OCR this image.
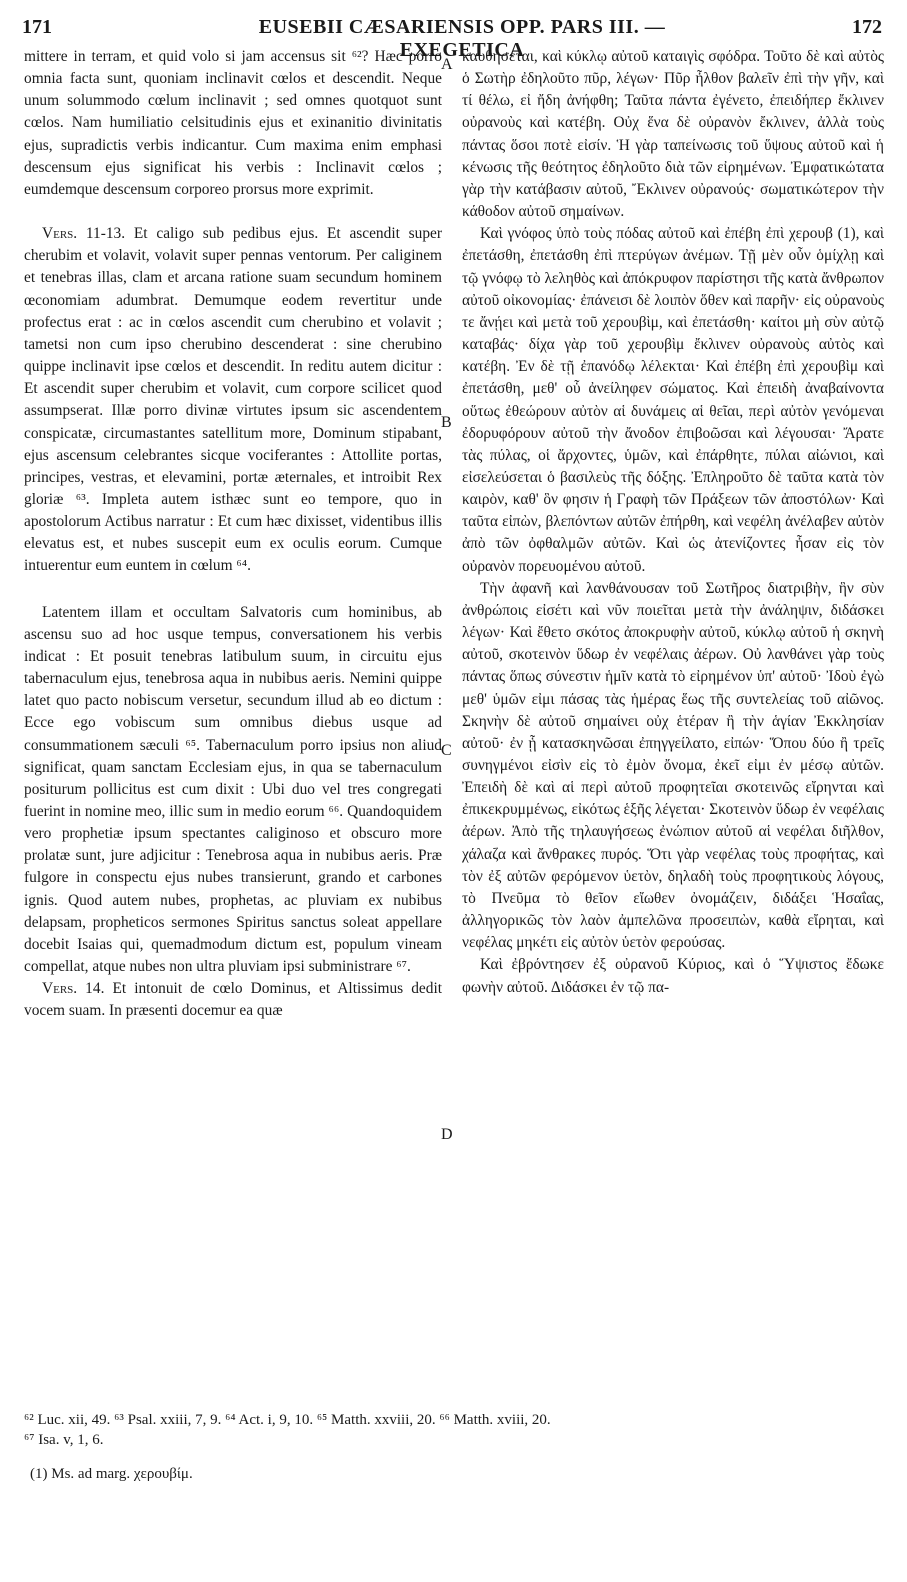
171	EUSEBII CÆSARIENSIS OPP. PARS III. — EXEGETICA
172

mittere in terram, et quid volo si jam accensus sit ⁶²? Hæc porro omnia facta sunt, quoniam inclinavit cœlos et descendit. Neque unum solummodo cœlum inclinavit ; sed omnes quotquot sunt cœlos. Nam humiliatio celsitudinis ejus et exinanitio divinitatis ejus, supradictis verbis indicantur. Cum maxima enim emphasi descensum ejus significat his verbis : Inclinavit cœlos ; eumdemque descensum corporeo prorsus more exprimit.

Vers. 11-13. Et caligo sub pedibus ejus. Et ascendit super cherubim et volavit, volavit super pennas ventorum. Per caliginem et tenebras illas, clam et arcana ratione suam secundum hominem œconomiam adumbrat. Demumque eodem revertitur unde profectus erat : ac in cœlos ascendit cum cherubino et volavit ; tametsi non cum ipso cherubino descenderat : sine cherubino quippe inclinavit ipse cœlos et descendit. In reditu autem dicitur : Et ascendit super cherubim et volavit, cum corpore scilicet quod assumpserat. Illæ porro divinæ virtutes ipsum sic ascendentem conspicatæ, circumastantes satellitum more, Dominum stipabant, ejus ascensum celebrantes sicque vociferantes : Attollite portas, principes, vestras, et elevamini, portæ æternales, et introibit Rex gloriæ ⁶³. Impleta autem isthæc sunt eo tempore, quo in apostolorum Actibus narratur : Et cum hæc dixisset, videntibus illis elevatus est, et nubes suscepit eum ex oculis eorum. Cumque intuerentur eum euntem in cœlum ⁶⁴.

Latentem illam et occultam Salvatoris cum hominibus, ab ascensu suo ad hoc usque tempus, conversationem his verbis indicat : Et posuit tenebras latibulum suum, in circuitu ejus tabernaculum ejus, tenebrosa aqua in nubibus aeris. Nemini quippe latet quo pacto nobiscum versetur, secundum illud ab eo dictum : Ecce ego vobiscum sum omnibus diebus usque ad consummationem sæculi ⁶⁵. Tabernaculum porro ipsius non aliud significat, quam sanctam Ecclesiam ejus, in qua se tabernaculum positurum pollicitus est cum dixit : Ubi duo vel tres congregati fuerint in nomine meo, illic sum in medio eorum ⁶⁶. Quandoquidem vero prophetiæ ipsum spectantes caliginoso et obscuro more prolatæ sunt, jure adjicitur : Tenebrosa aqua in nubibus aeris. Præ fulgore in conspectu ejus nubes transierunt, grando et carbones ignis. Quod autem nubes, prophetas, ac pluviam ex nubibus delapsam, propheticos sermones Spiritus sanctus soleat appellare docebit Isaias qui, quemadmodum dictum est, populum vineam compellat, atque nubes non ultra pluviam ipsi subministrare ⁶⁷.

Vers. 14. Et intonuit de cœlo Dominus, et Altissimus dedit vocem suam. In præsenti docemur ea quæ

A
B
C
D

καυθήσεται, καὶ κύκλῳ αὐτοῦ καταιγὶς σφόδρα. Τοῦτο δὲ καὶ αὐτὸς ὁ Σωτὴρ ἐδηλοῦτο πῦρ, λέγων· Πῦρ ἦλθον βαλεῖν ἐπὶ τὴν γῆν, καὶ τί θέλω, εἰ ἤδη ἀνήφθη; Ταῦτα πάντα ἐγένετο, ἐπειδήπερ ἔκλινεν οὐρανοὺς καὶ κατέβη. Οὐχ ἕνα δὲ οὐρανὸν ἔκλινεν, ἀλλὰ τοὺς πάντας ὅσοι ποτὲ εἰσίν. Ἡ γὰρ ταπείνωσις τοῦ ὕψους αὐτοῦ καὶ ἡ κένωσις τῆς θεότητος ἐδηλοῦτο διὰ τῶν εἰρημένων. Ἐμφατικώτατα γὰρ τὴν κατάβασιν αὐτοῦ, Ἔκλινεν οὐρανούς· σωματικώτερον τὴν κάθοδον αὐτοῦ σημαίνων.

Καὶ γνόφος ὑπὸ τοὺς πόδας αὐτοῦ καὶ ἐπέβη ἐπὶ χερουβ (1), καὶ ἐπετάσθη, ἐπετάσθη ἐπὶ πτερύγων ἀνέμων. Τῇ μὲν οὖν ὁμίχλῃ καὶ τῷ γνόφῳ τὸ λεληθὸς καὶ ἀπόκρυφον παρίστησι τῆς κατὰ ἄνθρωπον αὐτοῦ οἰκονομίας· ἐπάνεισι δὲ λοιπὸν ὅθεν καὶ παρῆν· εἰς οὐρανοὺς τε ἄνῄει καὶ μετὰ τοῦ χερουβὶμ, καὶ ἐπετάσθη· καίτοι μὴ σὺν αὐτῷ καταβάς· δίχα γὰρ τοῦ χερουβὶμ ἔκλινεν οὐρανοὺς αὐτὸς καὶ κατέβη. Ἐν δὲ τῇ ἐπανόδῳ λέλεκται· Καὶ ἐπέβη ἐπὶ χερουβὶμ καὶ ἐπετάσθη, μεθ' οὗ ἀνείληφεν σώματος. Καὶ ἐπειδὴ ἀναβαίνοντα οὕτως ἐθεώρουν αὐτὸν αἱ δυνάμεις αἱ θεῖαι, περὶ αὐτὸν γενόμεναι ἐδορυφόρουν αὐτοῦ τὴν ἄνοδον ἐπιβοῶσαι καὶ λέγουσαι· Ἄρατε τὰς πύλας, οἱ ἄρχοντες, ὑμῶν, καὶ ἐπάρθητε, πύλαι αἰώνιοι, καὶ εἰσελεύσεται ὁ βασιλεὺς τῆς δόξης. Ἐπληροῦτο δὲ ταῦτα κατὰ τὸν καιρὸν, καθ' ὃν φησιν ἡ Γραφὴ τῶν Πράξεων τῶν ἀποστόλων· Καὶ ταῦτα εἰπὼν, βλεπόντων αὐτῶν ἐπήρθη, καὶ νεφέλη ἀνέλαβεν αὐτὸν ἀπὸ τῶν ὀφθαλμῶν αὐτῶν. Καὶ ὡς ἀτενίζοντες ἦσαν εἰς τὸν οὐρανὸν πορευομένου αὐτοῦ.

Τὴν ἀφανῆ καὶ λανθάνουσαν τοῦ Σωτῆρος διατριβὴν, ἣν σὺν ἀνθρώποις εἰσέτι καὶ νῦν ποιεῖται μετὰ τὴν ἀνάληψιν, διδάσκει λέγων· Καὶ ἔθετο σκότος ἀποκρυφὴν αὐτοῦ, κύκλῳ αὐτοῦ ἡ σκηνὴ αὐτοῦ, σκοτεινὸν ὕδωρ ἐν νεφέλαις ἀέρων. Οὐ λανθάνει γὰρ τοὺς πάντας ὅπως σύνεστιν ἡμῖν κατὰ τὸ εἰρημένον ὑπ' αὐτοῦ· Ἰδοὺ ἐγὼ μεθ' ὑμῶν εἰμι πάσας τὰς ἡμέρας ἕως τῆς συντελείας τοῦ αἰῶνος. Σκηνὴν δὲ αὐτοῦ σημαίνει οὐχ ἑτέραν ἢ τὴν ἁγίαν Ἐκκλησίαν αὐτοῦ· ἐν ᾗ κατασκηνῶσαι ἐπηγγείλατο, εἰπών· Ὅπου δύο ἢ τρεῖς συνηγμένοι εἰσὶν εἰς τὸ ἐμὸν ὄνομα, ἐκεῖ εἰμι ἐν μέσῳ αὐτῶν. Ἐπειδὴ δὲ καὶ αἱ περὶ αὐτοῦ προφητεῖαι σκοτεινῶς εἴρηνται καὶ ἐπικεκρυμμένως, εἰκότως ἑξῆς λέγεται· Σκοτεινὸν ὕδωρ ἐν νεφέλαις ἀέρων. Ἀπὸ τῆς τηλαυγήσεως ἐνώπιον αὐτοῦ αἱ νεφέλαι διῆλθον, χάλαζα καὶ ἄνθρακες πυρός. Ὅτι γὰρ νεφέλας τοὺς προφήτας, καὶ τὸν ἐξ αὐτῶν φερόμενον ὑετὸν, δηλαδὴ τοὺς προφητικοὺς λόγους, τὸ Πνεῦμα τὸ θεῖον εἴωθεν ὀνομάζειν, διδάξει Ἡσαΐας, ἀλληγορικῶς τὸν λαὸν ἀμπελῶνα προσειπὼν, καθὰ εἴρηται, καὶ νεφέλας μηκέτι εἰς αὐτὸν ὑετὸν φερούσας.

Καὶ ἐβρόντησεν ἐξ οὐρανοῦ Κύριος, καὶ ὁ Ὕψιστος ἔδωκε φωνὴν αὐτοῦ. Διδάσκει ἐν τῷ πα-

⁶² Luc. xii, 49. ⁶³ Psal. xxiii, 7, 9. ⁶⁴ Act. i, 9, 10. ⁶⁵ Matth. xxviii, 20. ⁶⁶ Matth. xviii, 20.
⁶⁷ Isa. v, 1, 6.
(1) Ms. ad marg. χερουβίμ.
